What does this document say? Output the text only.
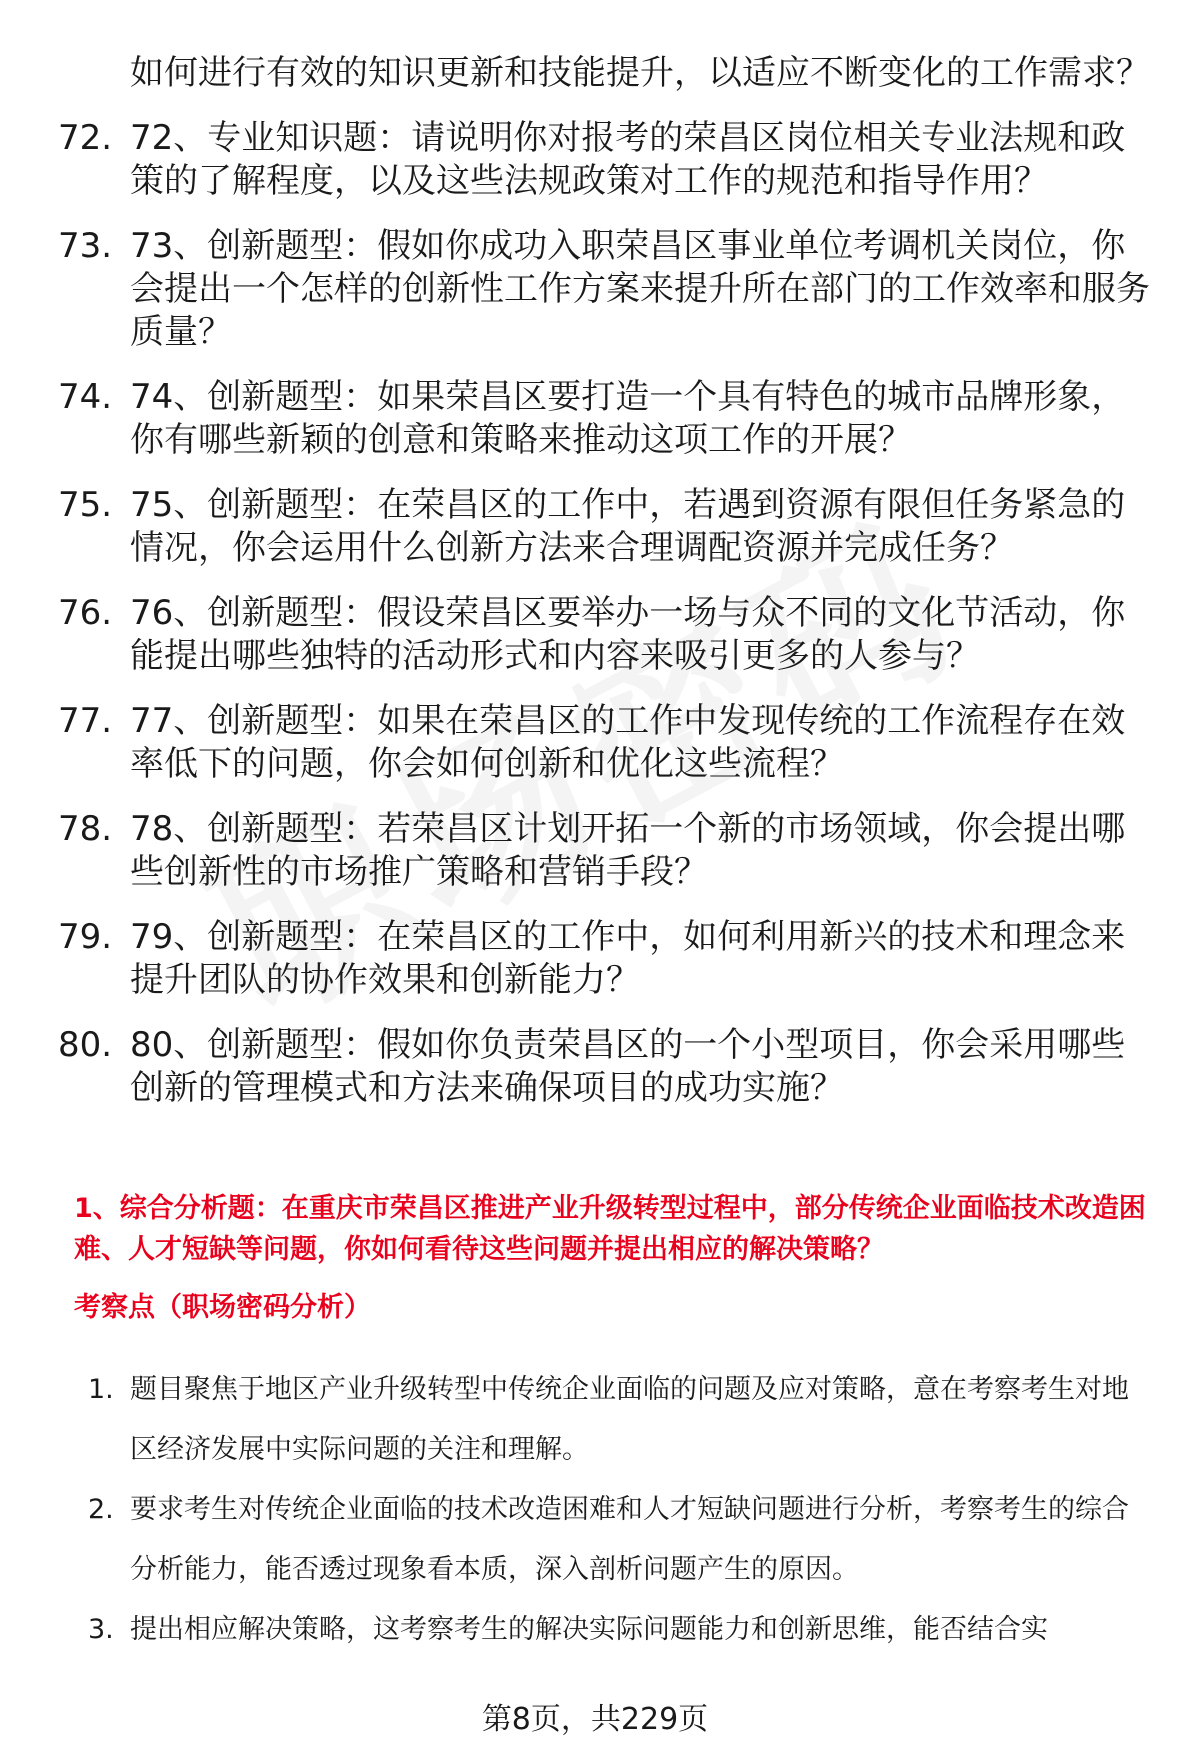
如何进行有效的知识更新和技能提升，以适应不断变化的工作需求？
72. 72、专业知识题：请说明你对报考的荣昌区岗位相关专业法规和政策的了解程度，以及这些法规政策对工作的规范和指导作用？
73. 73、创新题型：假如你成功入职荣昌区事业单位考调机关岗位，你会提出一个怎样的创新性工作方案来提升所在部门的工作效率和服务质量？
74. 74、创新题型：如果荣昌区要打造一个具有特色的城市品牌形象，你有哪些新颖的创意和策略来推动这项工作的开展？
75. 75、创新题型：在荣昌区的工作中，若遇到资源有限但任务紧急的情况，你会运用什么创新方法来合理调配资源并完成任务？
76. 76、创新题型：假设荣昌区要举办一场与众不同的文化节活动，你能提出哪些独特的活动形式和内容来吸引更多的人参与？
77. 77、创新题型：如果在荣昌区的工作中发现传统的工作流程存在效率低下的问题，你会如何创新和优化这些流程？
78. 78、创新题型：若荣昌区计划开拓一个新的市场领域，你会提出哪些创新性的市场推广策略和营销手段？
79. 79、创新题型：在荣昌区的工作中，如何利用新兴的技术和理念来提升团队的协作效果和创新能力？
80. 80、创新题型：假如你负责荣昌区的一个小型项目，你会采用哪些创新的管理模式和方法来确保项目的成功实施？
1、综合分析题：在重庆市荣昌区推进产业升级转型过程中，部分传统企业面临技术改造困难、人才短缺等问题，你如何看待这些问题并提出相应的解决策略？
考察点（职场密码分析）
1. 题目聚焦于地区产业升级转型中传统企业面临的问题及应对策略，意在考察考生对地区经济发展中实际问题的关注和理解。
2. 要求考生对传统企业面临的技术改造困难和人才短缺问题进行分析，考察考生的综合分析能力，能否透过现象看本质，深入剖析问题产生的原因。
3. 提出相应解决策略，这考察考生的解决实际问题能力和创新思维，能否结合实
第8页，共229页
